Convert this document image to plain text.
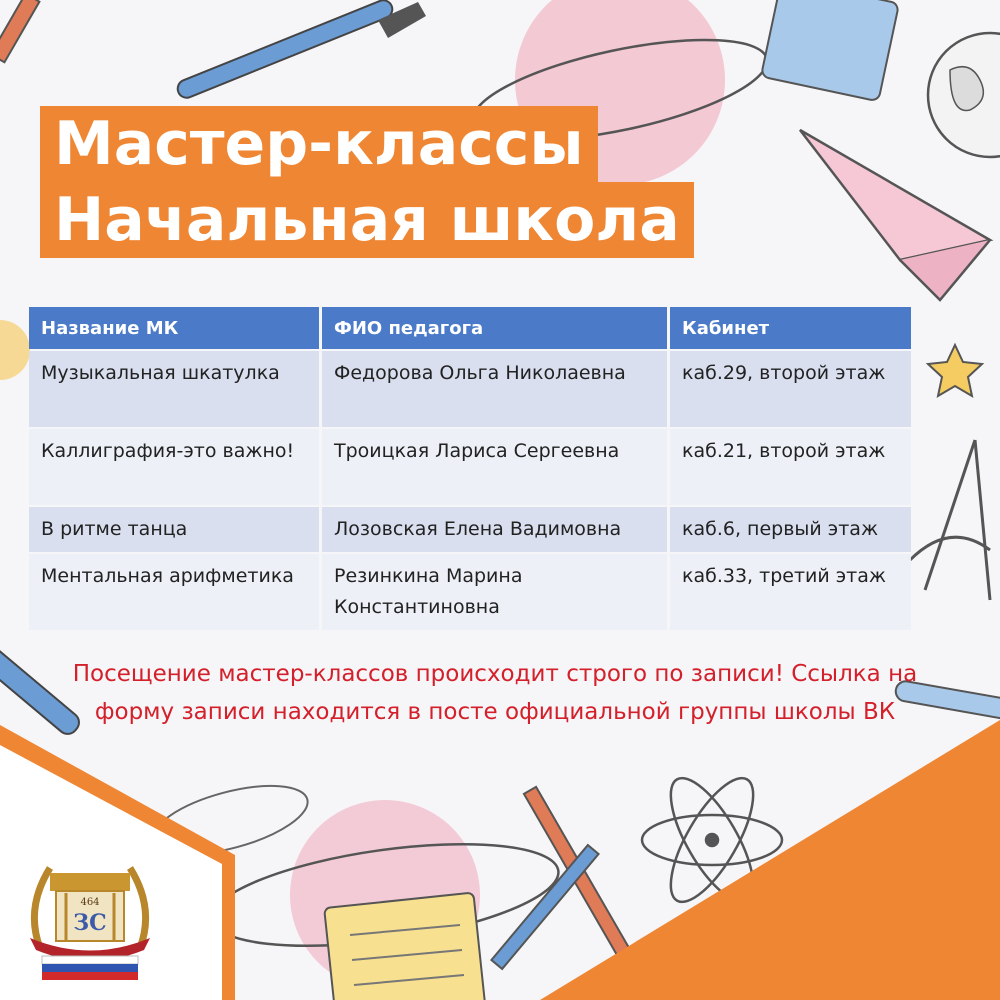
Мастер-классы
Начальная школа
Название МК	ФИО педагога	Кабинет
Музыкальная шкатулка	Федорова Ольга Николаевна	каб.29, второй этаж
Каллиграфия-это важно!	Троицкая Лариса Сергеевна	каб.21, второй этаж
В ритме танца	Лозовская Елена Вадимовна	каб.6, первый этаж
Ментальная арифметика	Резинкина Марина Константиновна	каб.33, третий этаж
Посещение мастер-классов происходит строго по записи! Ссылка на форму записи находится в посте официальной группы школы ВК
464
ЗС
